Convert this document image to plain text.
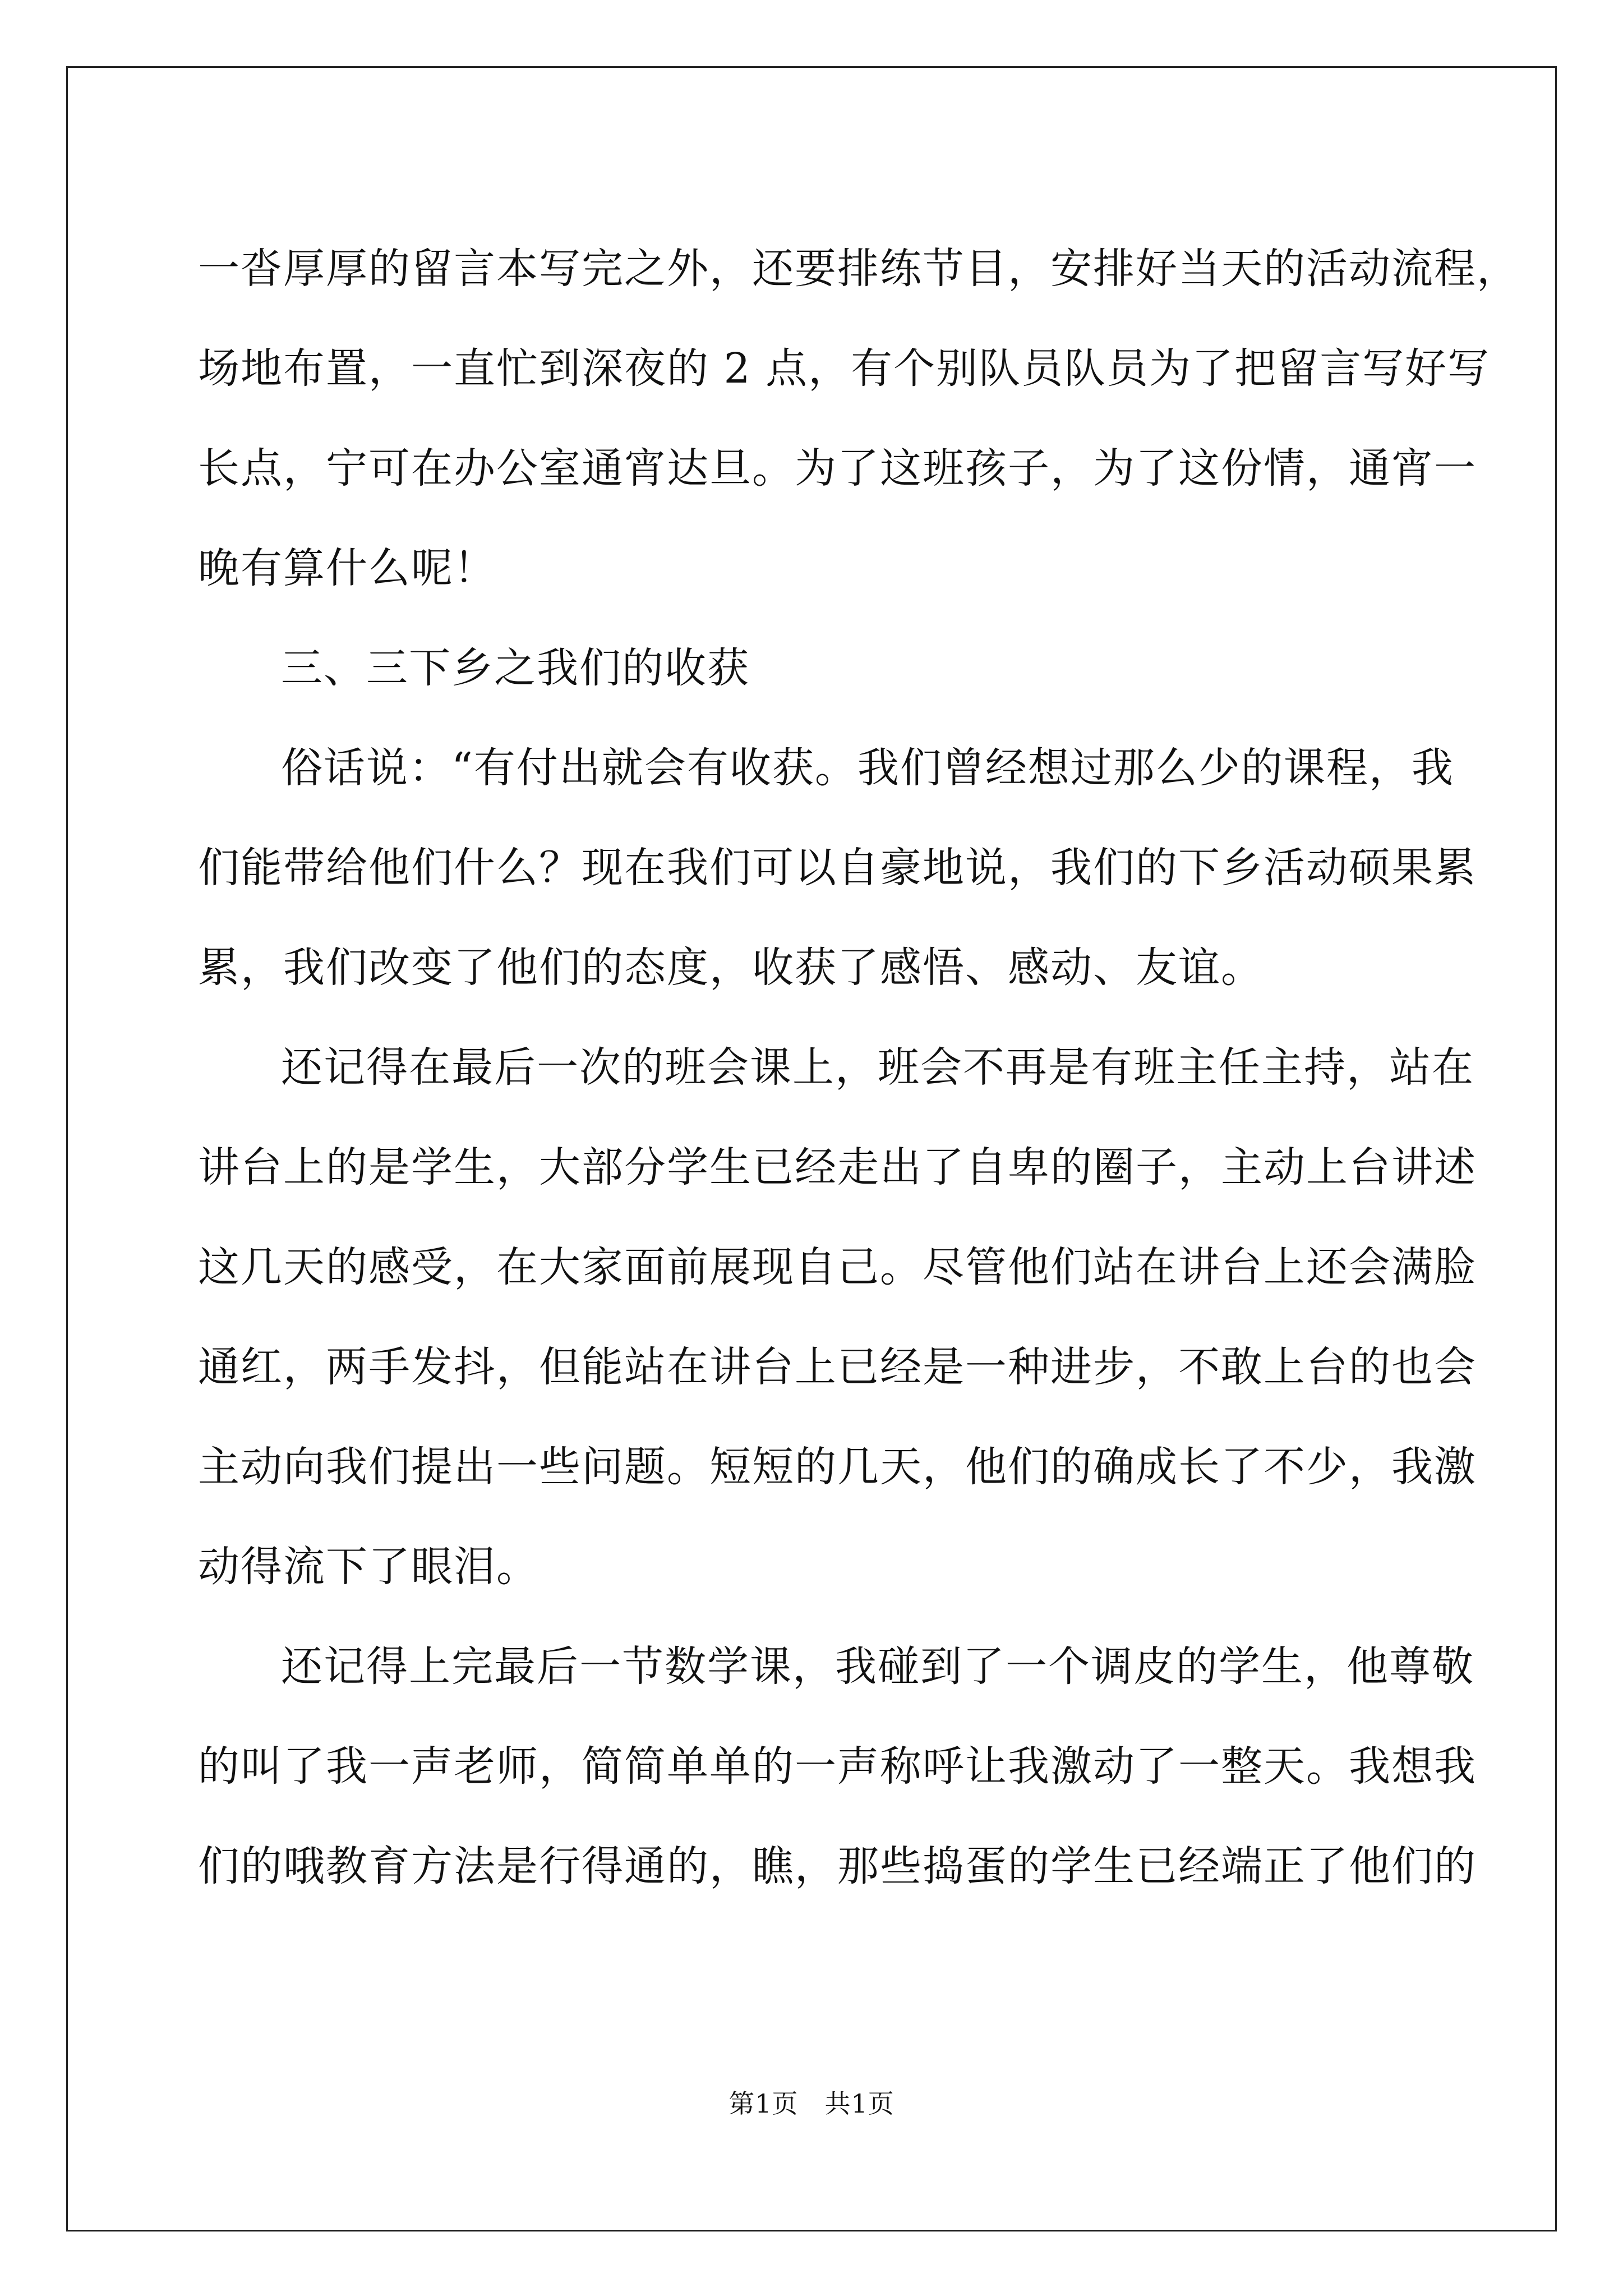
一沓厚厚的留言本写完之外，还要排练节目，安排好当天的活动流程，
场地布置，一直忙到深夜的 2 点，有个别队员队员为了把留言写好写
长点，宁可在办公室通宵达旦。为了这班孩子，为了这份情，通宵一
晚有算什么呢！
三、三下乡之我们的收获
俗话说：“有付出就会有收获。我们曾经想过那么少的课程，我
们能带给他们什么？现在我们可以自豪地说，我们的下乡活动硕果累
累，我们改变了他们的态度，收获了感悟、感动、友谊。
还记得在最后一次的班会课上，班会不再是有班主任主持，站在
讲台上的是学生，大部分学生已经走出了自卑的圈子，主动上台讲述
这几天的感受，在大家面前展现自己。尽管他们站在讲台上还会满脸
通红，两手发抖，但能站在讲台上已经是一种进步，不敢上台的也会
主动向我们提出一些问题。短短的几天，他们的确成长了不少，我激
动得流下了眼泪。
还记得上完最后一节数学课，我碰到了一个调皮的学生，他尊敬
的叫了我一声老师，简简单单的一声称呼让我激动了一整天。我想我
们的哦教育方法是行得通的，瞧，那些捣蛋的学生已经端正了他们的
第1页　共1页
